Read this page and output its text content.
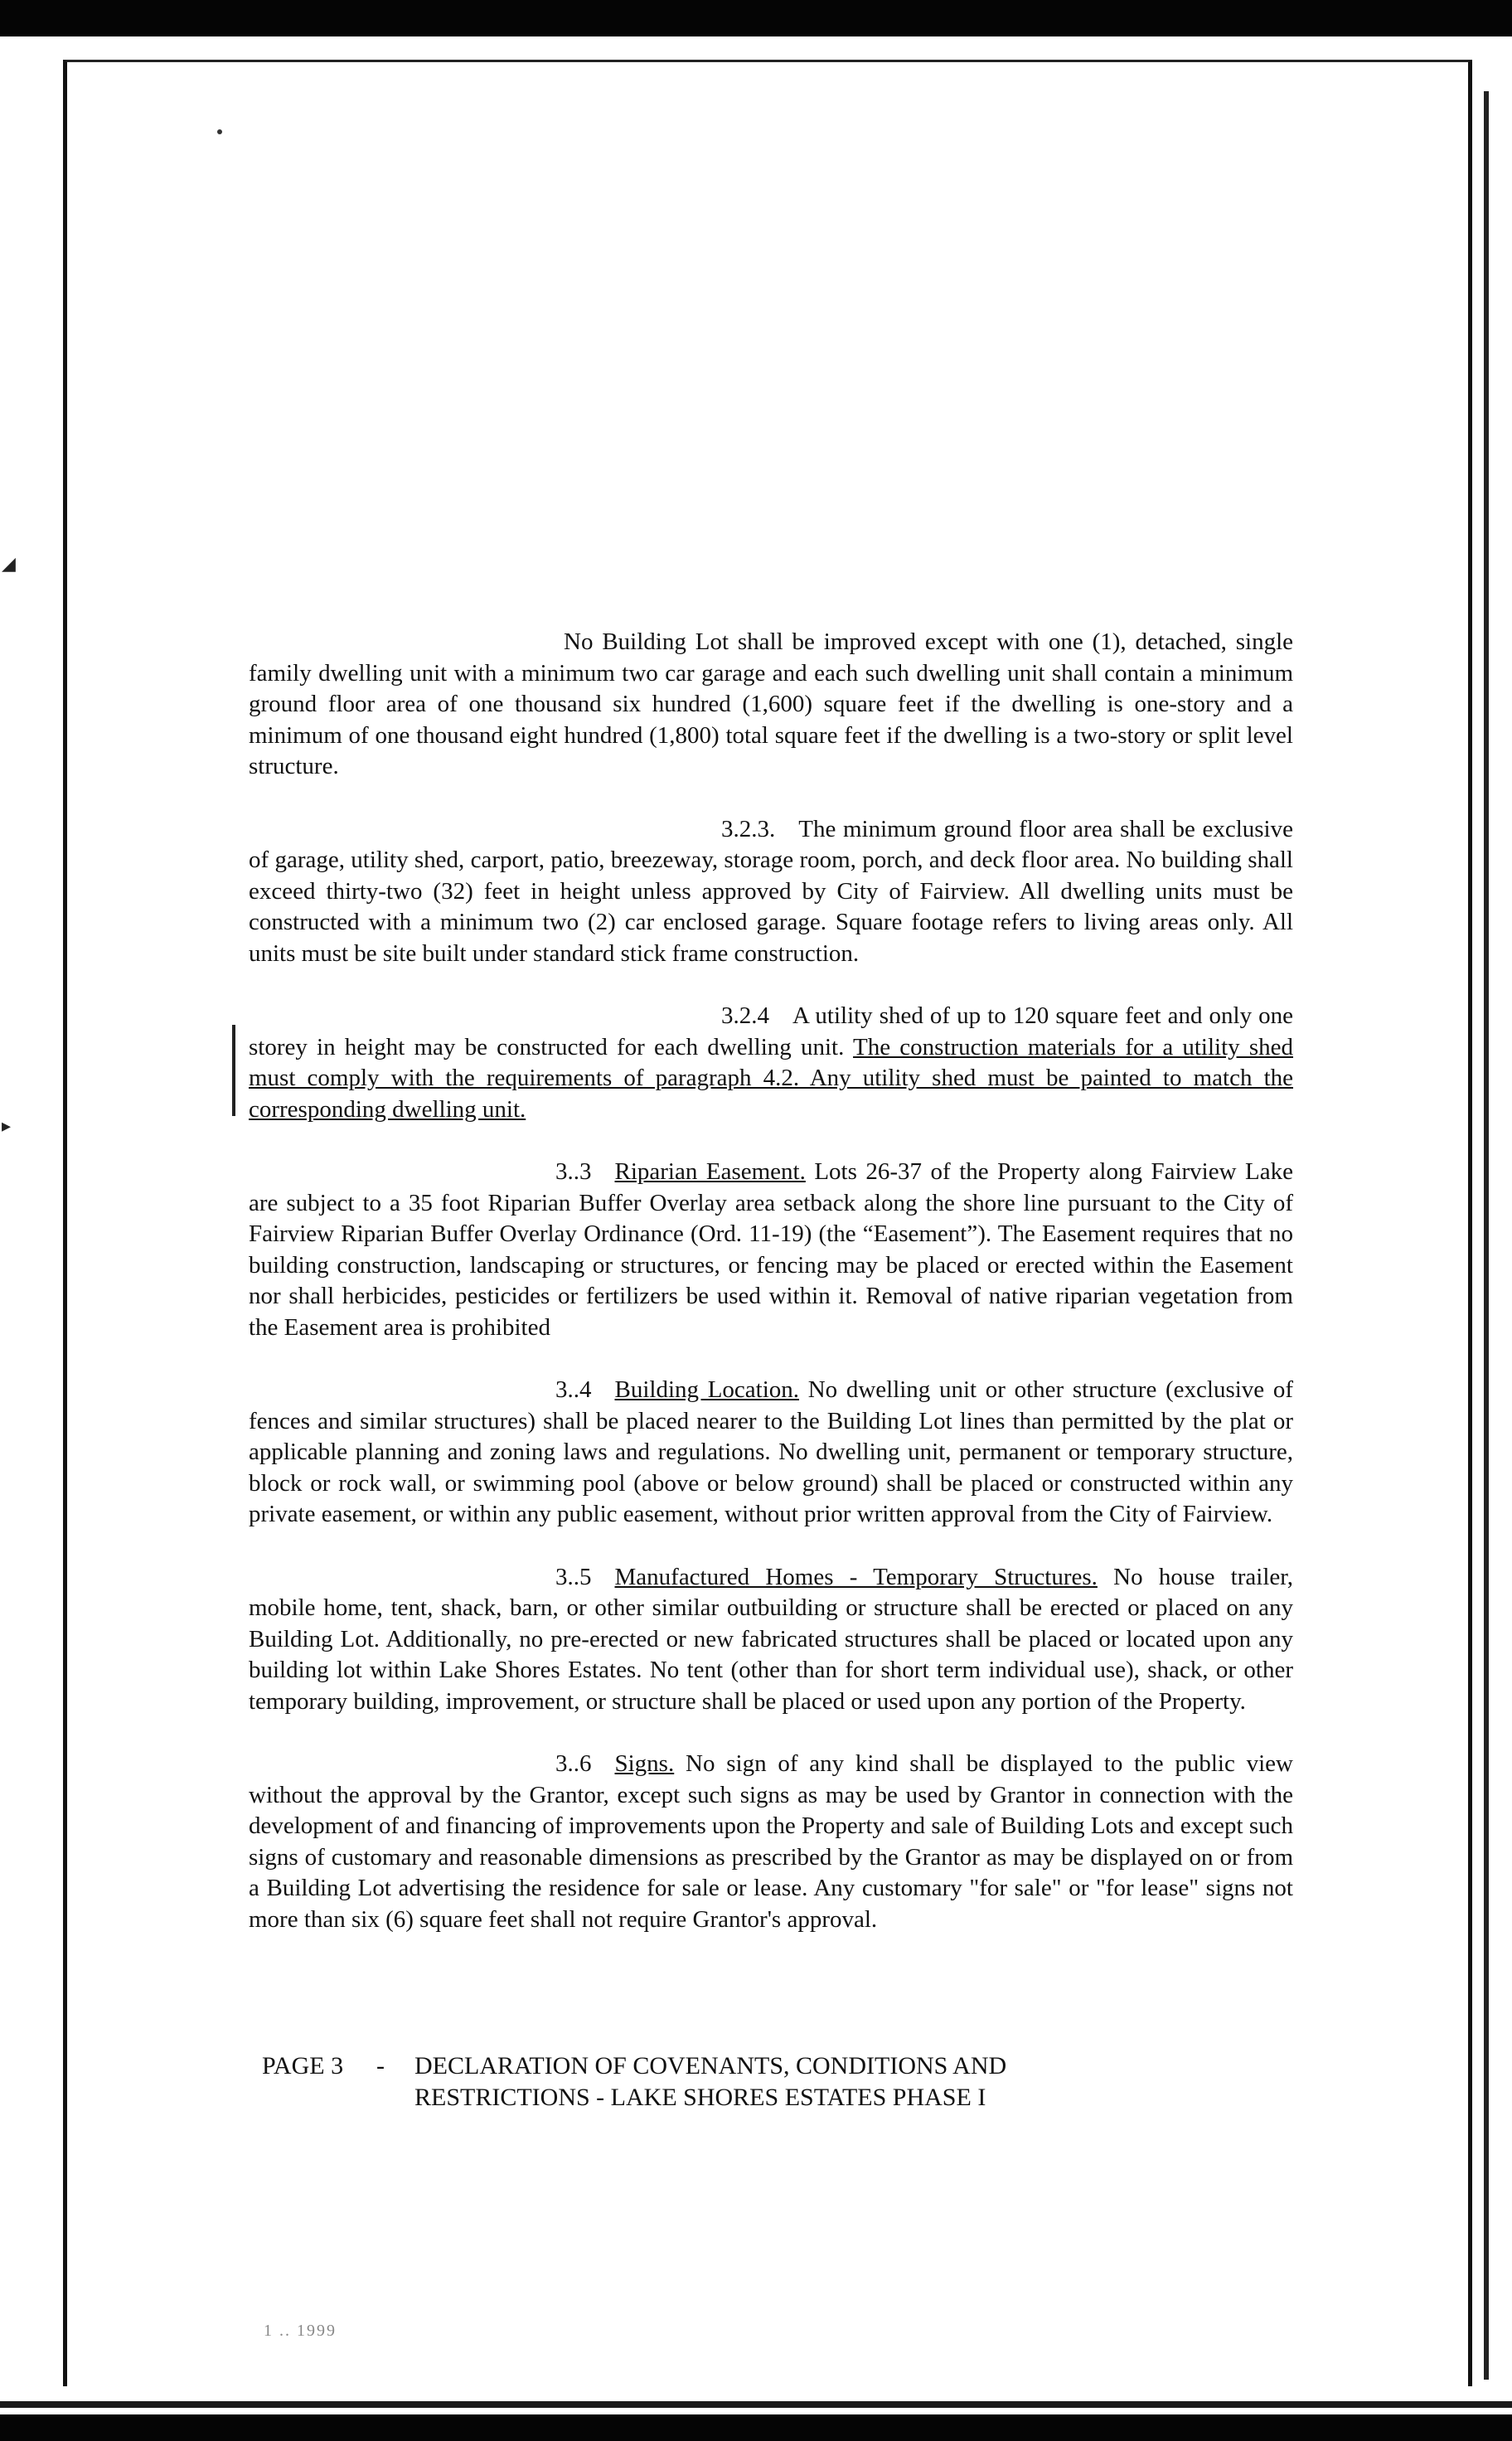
◢
▸

No Building Lot shall be improved except with one (1), detached, single family dwelling unit with a minimum two car garage and each such dwelling unit shall contain a minimum ground floor area of one thousand six hundred (1,600) square feet if the dwelling is one-story and a minimum of one thousand eight hundred (1,800) total square feet if the dwelling is a two-story or split level structure.

3.2.3. The minimum ground floor area shall be exclusive of garage, utility shed, carport, patio, breezeway, storage room, porch, and deck floor area. No building shall exceed thirty-two (32) feet in height unless approved by City of Fairview. All dwelling units must be constructed with a minimum two (2) car enclosed garage. Square footage refers to living areas only. All units must be site built under standard stick frame construction.

3.2.4 A utility shed of up to 120 square feet and only one storey in height may be constructed for each dwelling unit. The construction materials for a utility shed must comply with the requirements of paragraph 4.2. Any utility shed must be painted to match the corresponding dwelling unit.

3..3 Riparian Easement. Lots 26-37 of the Property along Fairview Lake are subject to a 35 foot Riparian Buffer Overlay area setback along the shore line pursuant to the City of Fairview Riparian Buffer Overlay Ordinance (Ord. 11-19) (the “Easement”). The Easement requires that no building construction, landscaping or structures, or fencing may be placed or erected within the Easement nor shall herbicides, pesticides or fertilizers be used within it. Removal of native riparian vegetation from the Easement area is prohibited

3..4 Building Location. No dwelling unit or other structure (exclusive of fences and similar structures) shall be placed nearer to the Building Lot lines than permitted by the plat or applicable planning and zoning laws and regulations. No dwelling unit, permanent or temporary structure, block or rock wall, or swimming pool (above or below ground) shall be placed or constructed within any private easement, or within any public easement, without prior written approval from the City of Fairview.

3..5 Manufactured Homes - Temporary Structures. No house trailer, mobile home, tent, shack, barn, or other similar outbuilding or structure shall be erected or placed on any Building Lot. Additionally, no pre-erected or new fabricated structures shall be placed or located upon any building lot within Lake Shores Estates. No tent (other than for short term individual use), shack, or other temporary building, improvement, or structure shall be placed or used upon any portion of the Property.

3..6 Signs. No sign of any kind shall be displayed to the public view without the approval by the Grantor, except such signs as may be used by Grantor in connection with the development of and financing of improvements upon the Property and sale of Building Lots and except such signs of customary and reasonable dimensions as prescribed by the Grantor as may be displayed on or from a Building Lot advertising the residence for sale or lease. Any customary "for sale" or "for lease" signs not more than six (6) square feet shall not require Grantor's approval.

PAGE 3	-	DECLARATION OF COVENANTS, CONDITIONS AND
RESTRICTIONS - LAKE SHORES ESTATES PHASE I
1 .. 1999
